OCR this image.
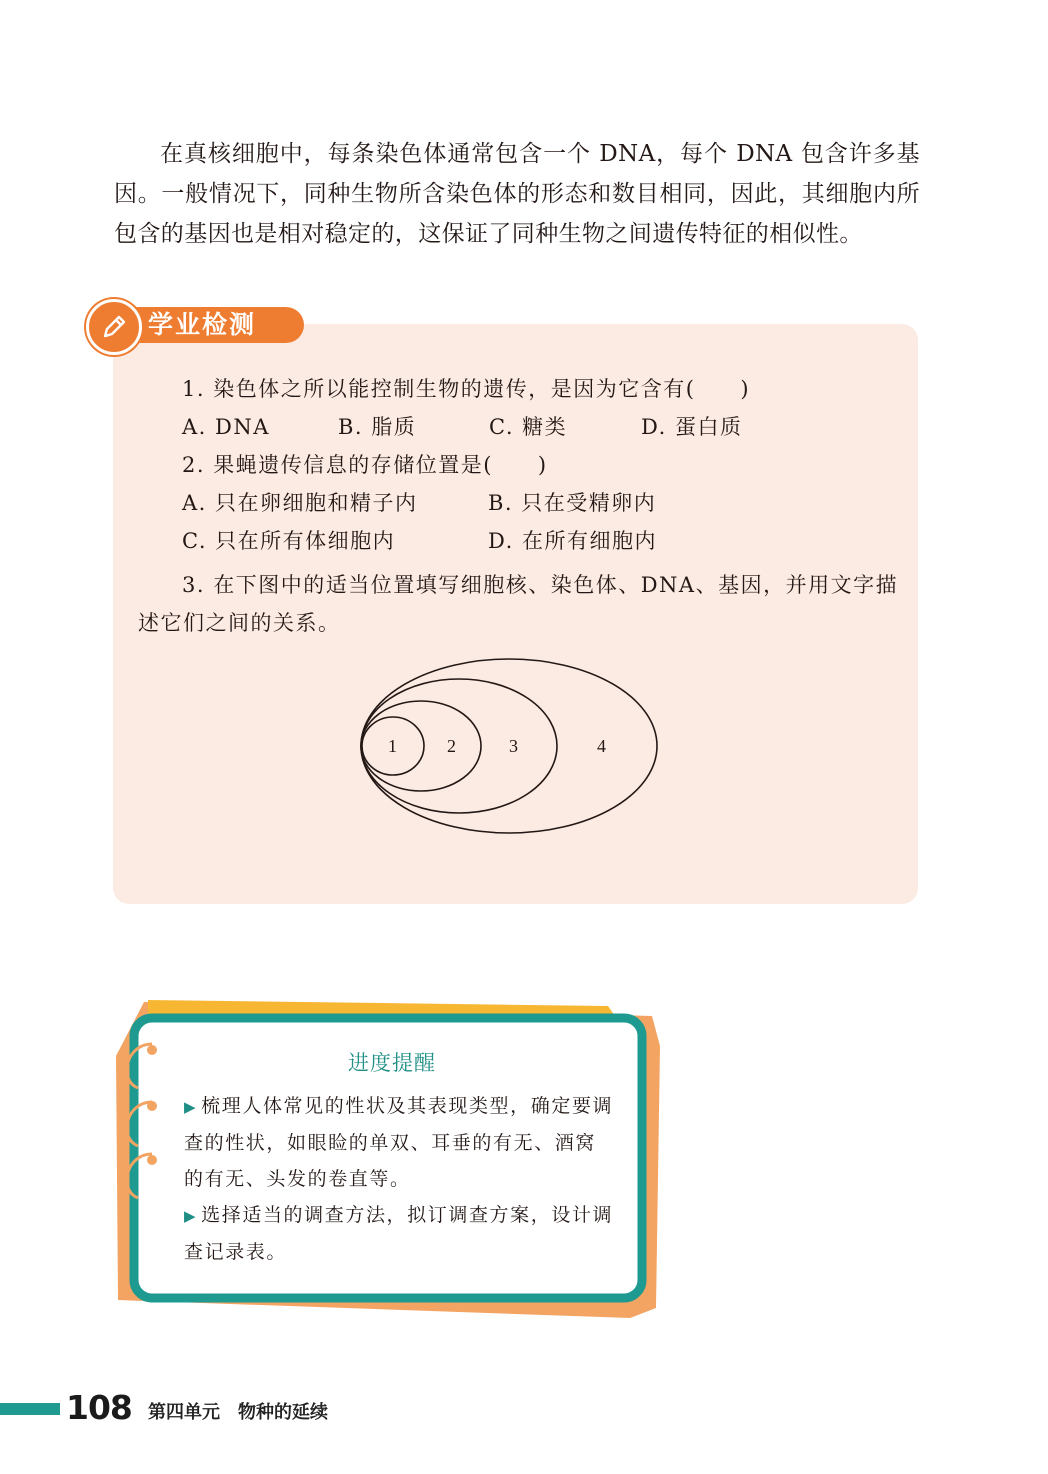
在真核细胞中，每条染色体通常包含一个 DNA，每个 DNA 包含许多基因。一般情况下，同种生物所含染色体的形态和数目相同，因此，其细胞内所包含的基因也是相对稳定的，这保证了同种生物之间遗传特征的相似性。

学业检测
1. 染色体之所以能控制生物的遗传，是因为它含有(　　)
A. DNA	B. 脂质	C. 糖类	D. 蛋白质
2. 果蝇遗传信息的存储位置是(　　)
A. 只在卵细胞和精子内	B. 只在受精卵内
C. 只在所有体细胞内	D. 在所有细胞内
3. 在下图中的适当位置填写细胞核、染色体、DNA、基因，并用文字描述它们之间的关系。
1	2	3	4
进度提醒

▶ 梳理人体常见的性状及其表现类型，确定要调查的性状，如眼睑的单双、耳垂的有无、酒窝的有无、头发的卷直等。

▶ 选择适当的调查方法，拟订调查方案，设计调查记录表。

108 第四单元　物种的延续
